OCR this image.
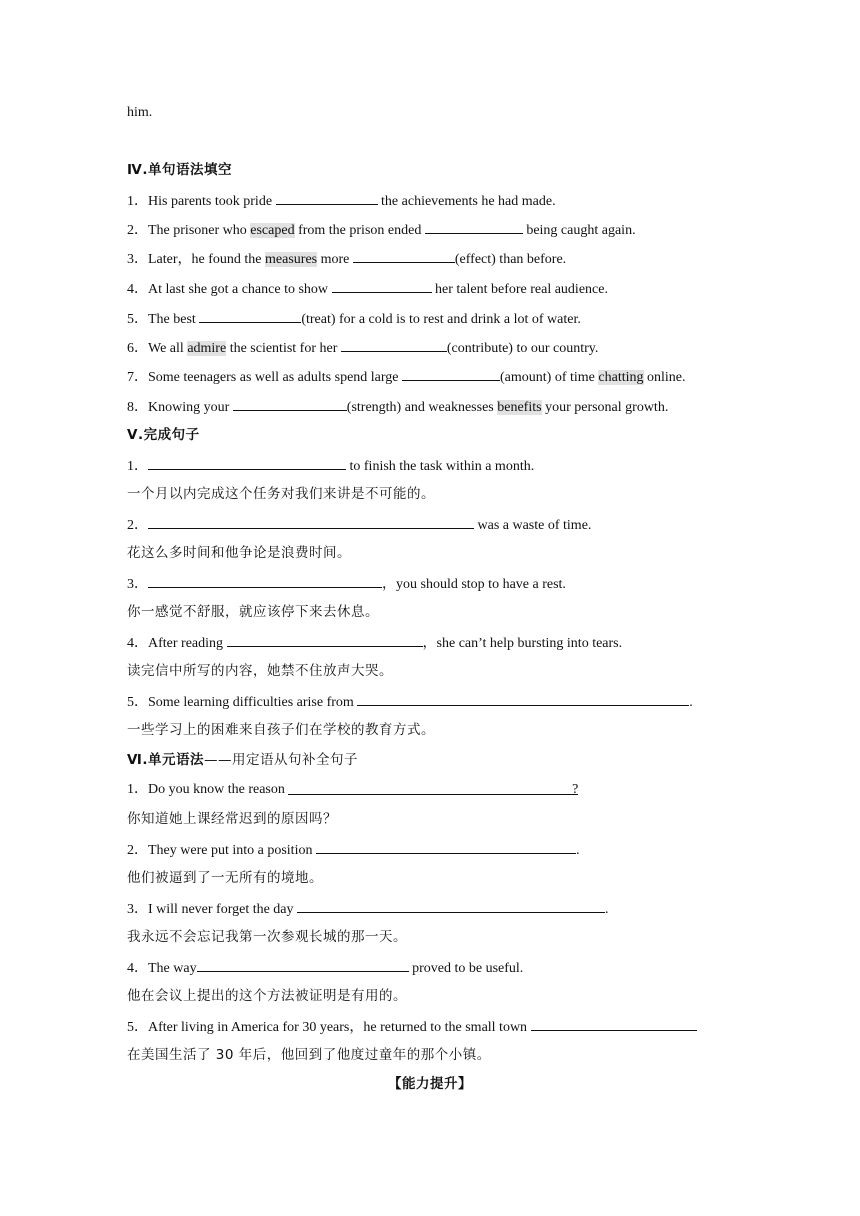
him.
Ⅳ.单句语法填空
1．His parents took pride	the achievements he had made.
2．The prisoner who escaped from the prison ended	being caught again.
3．Later，he found the measures more	(effect) than before.
4．At last she got a chance to show	her talent before real audience.
5．The best	(treat) for a cold is to rest and drink a lot of water.
6．We all admire the scientist for her	(contribute) to our country.
7．Some teenagers as well as adults spend large	(amount) of time chatting online.
8．Knowing your	(strength) and weaknesses benefits your personal growth.
Ⅴ.完成句子
1．	to finish the task within a month.
一个月以内完成这个任务对我们来讲是不可能的。
2．	was a waste of time.
花这么多时间和他争论是浪费时间。
3．	，you should stop to have a rest.
你一感觉不舒服，就应该停下来去休息。
4．After reading	，she can’t help bursting into tears.
读完信中所写的内容，她禁不住放声大哭。
5．Some learning difficulties arise from	.
一些学习上的困难来自孩子们在学校的教育方式。
Ⅵ.单元语法——用定语从句补全句子
1．Do you know the reason	?
你知道她上课经常迟到的原因吗？
2．They were put into a position	.
他们被逼到了一无所有的境地。
3．I will never forget the day	.
我永远不会忘记我第一次参观长城的那一天。
4．The way	proved to be useful.
他在会议上提出的这个方法被证明是有用的。
5．After living in America for 30 years，he returned to the small town
在美国生活了 30 年后，他回到了他度过童年的那个小镇。
【能力提升】
